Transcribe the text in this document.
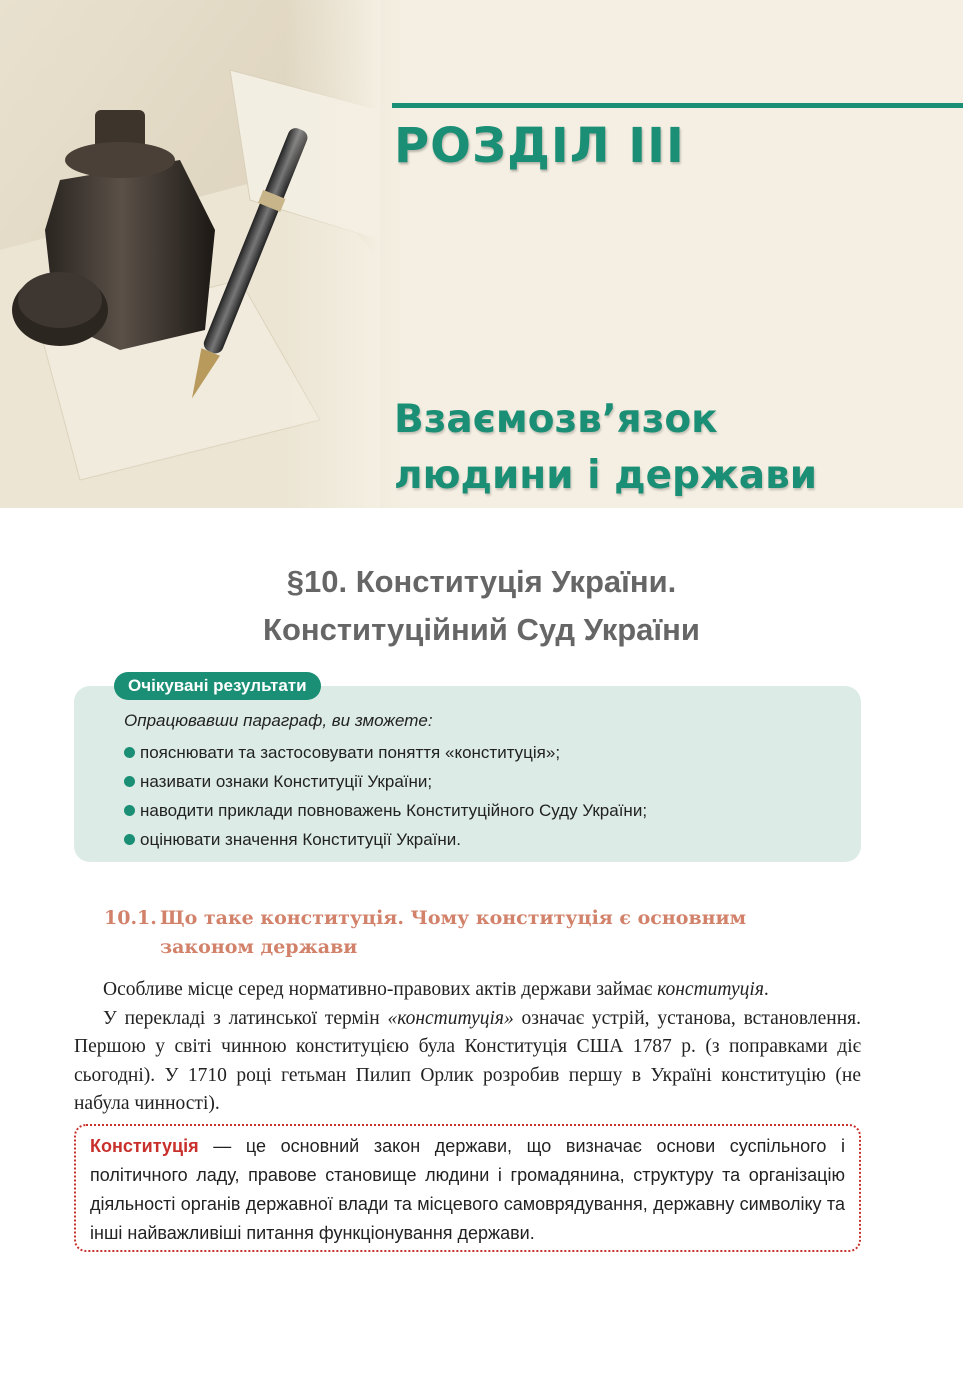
РОЗДІЛ ІІІ
Взаємозв’язок
людини і держави
§10. Конституція України.
Конституційний Суд України
Очікувані результати

Опрацювавши параграф, ви зможете:

пояснювати та застосовувати поняття «конституція»;
називати ознаки Конституції України;
наводити приклади повноважень Конституційного Суду України;
оцінювати значення Конституції України.
10.1. Що таке конституція. Чому конституція є основним
законом держави

Особливе місце серед нормативно-правових актів держави займає конституція.

У перекладі з латинської термін «конституція» означає устрій, установа, встановлення. Першою у світі чинною конституцією була Конституція США 1787 р. (з поправками діє сьогодні). У 1710 році гетьман Пилип Орлик розробив першу в Україні конституцію (не набула чинності).

Конституція — це основний закон держави, що визначає основи суспільного і політичного ладу, правове становище людини і громадянина, структуру та організацію діяльності органів державної влади та місцевого самоврядування, державну символіку та інші найважливіші питання функціонування держави.
